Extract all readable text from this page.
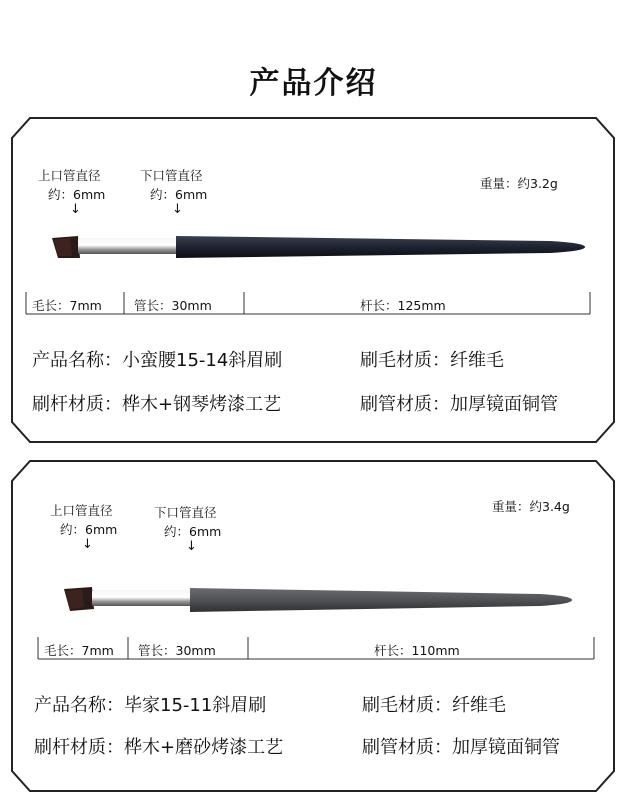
产品介绍
上口管直径
约：6mm
↓
下口管直径
约：6mm
↓
重量：约3.2g
毛长：7mm	管长：30mm	杆长：125mm
产品名称：小蛮腰15-14斜眉刷	刷毛材质：纤维毛
刷杆材质：桦木+钢琴烤漆工艺	刷管材质：加厚镜面铜管
上口管直径
约：6mm
↓
下口管直径
约：6mm
↓
重量：约3.4g
毛长：7mm 管长：30mm	杆长：110mm
产品名称：毕家15-11斜眉刷	刷毛材质：纤维毛
刷杆材质：桦木+磨砂烤漆工艺	刷管材质：加厚镜面铜管
